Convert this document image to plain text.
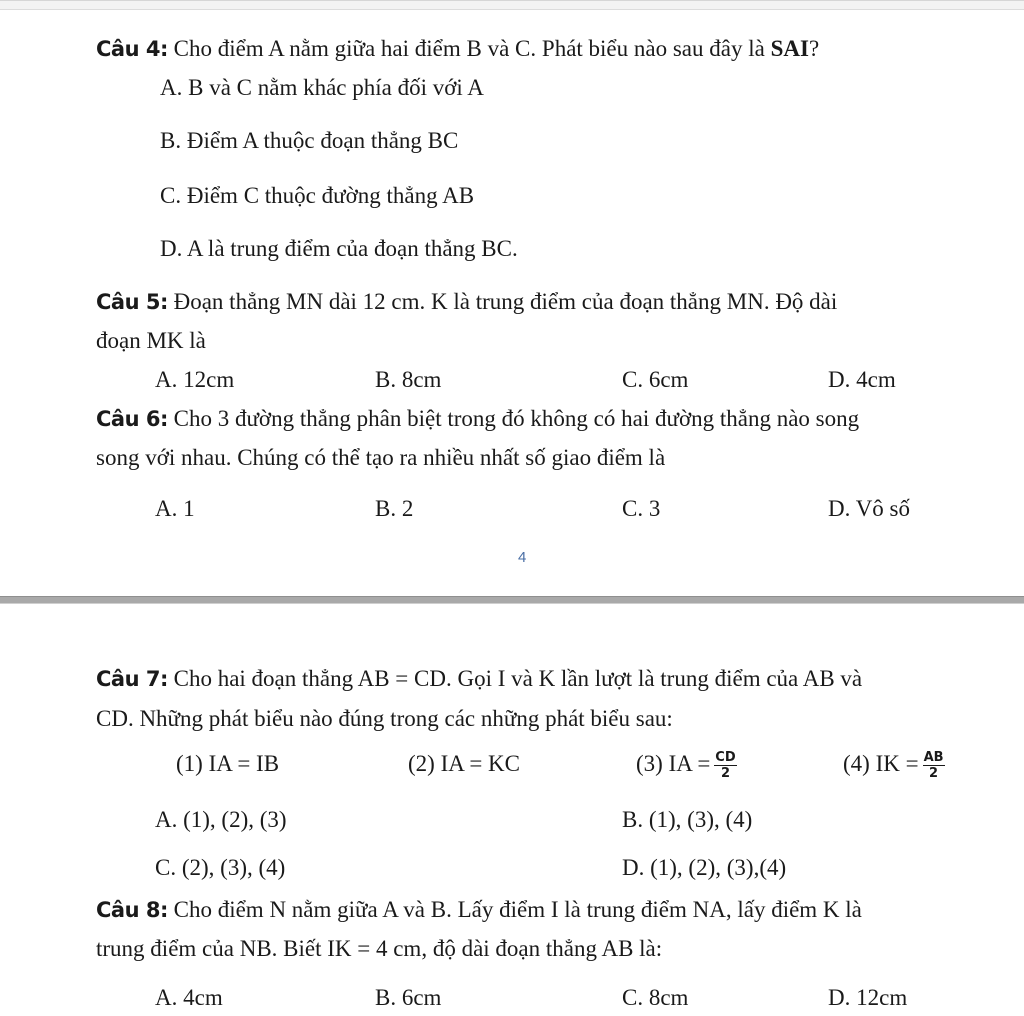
Câu 4: Cho điểm A nằm giữa hai điểm B và C. Phát biểu nào sau đây là SAI?
A. B và C nằm khác phía đối với A
B. Điểm A thuộc đoạn thẳng BC
C. Điểm C thuộc đường thẳng AB
D. A là trung điểm của đoạn thẳng BC.
Câu 5: Đoạn thẳng MN dài 12 cm. K là trung điểm của đoạn thẳng MN. Độ dài
đoạn MK là
A. 12cm	B. 8cm	C. 6cm	D. 4cm
Câu 6: Cho 3 đường thẳng phân biệt trong đó không có hai đường thẳng nào song
song với nhau. Chúng có thể tạo ra nhiều nhất số giao điểm là
A. 1	B. 2	C. 3	D. Vô số
4
Câu 7: Cho hai đoạn thẳng AB = CD. Gọi I và K lần lượt là trung điểm của AB và
CD. Những phát biểu nào đúng trong các những phát biểu sau:
(1) IA = IB	(2) IA = KC	(3) IA = $\frac{CD}{2}$	(4) IK = $\frac{AB}{2}$
A. (1), (2), (3)	B. (1), (3), (4)
C. (2), (3), (4)	D. (1), (2), (3),(4)
Câu 8: Cho điểm N nằm giữa A và B. Lấy điểm I là trung điểm NA, lấy điểm K là
trung điểm của NB. Biết IK = 4 cm, độ dài đoạn thẳng AB là:
A. 4cm	B. 6cm	C. 8cm	D. 12cm
